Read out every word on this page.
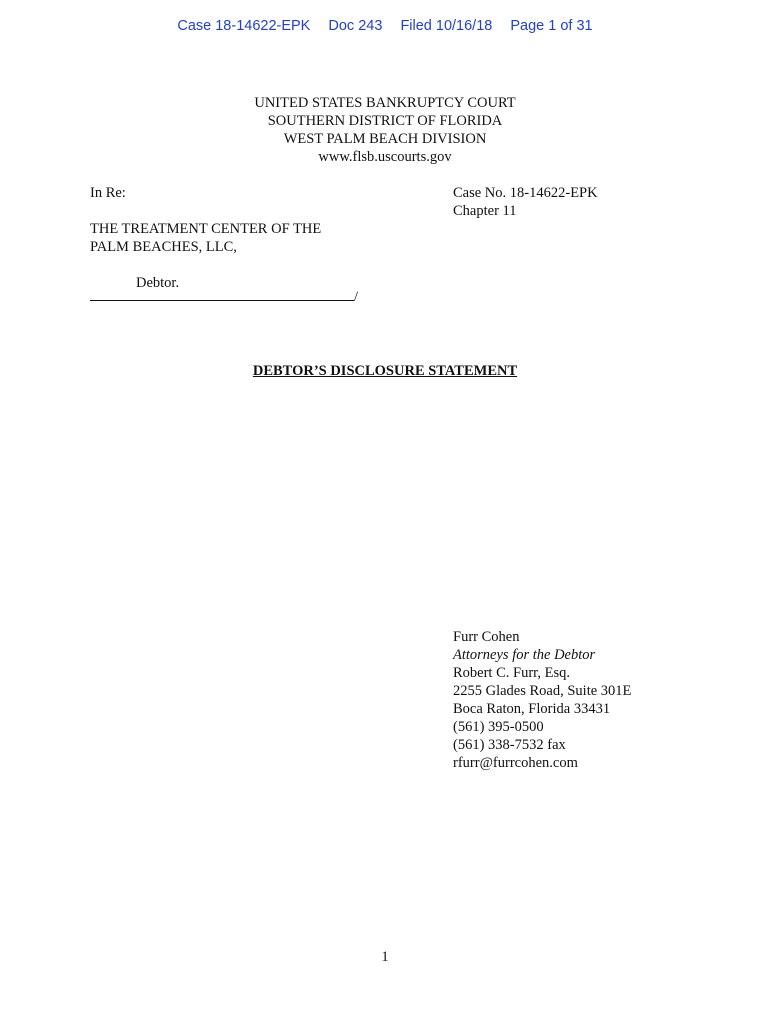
Case 18-14622-EPK Doc 243 Filed 10/16/18 Page 1 of 31
UNITED STATES BANKRUPTCY COURT
SOUTHERN DISTRICT OF FLORIDA
WEST PALM BEACH DIVISION
www.flsb.uscourts.gov
In Re:
THE TREATMENT CENTER OF THE
PALM BEACHES, LLC,
Debtor.
/
Case No. 18-14622-EPK
Chapter 11
DEBTOR’S DISCLOSURE STATEMENT
Furr Cohen
Attorneys for the Debtor
Robert C. Furr, Esq.
2255 Glades Road, Suite 301E
Boca Raton, Florida 33431
(561) 395-0500
(561) 338-7532 fax
rfurr@furrcohen.com
1
